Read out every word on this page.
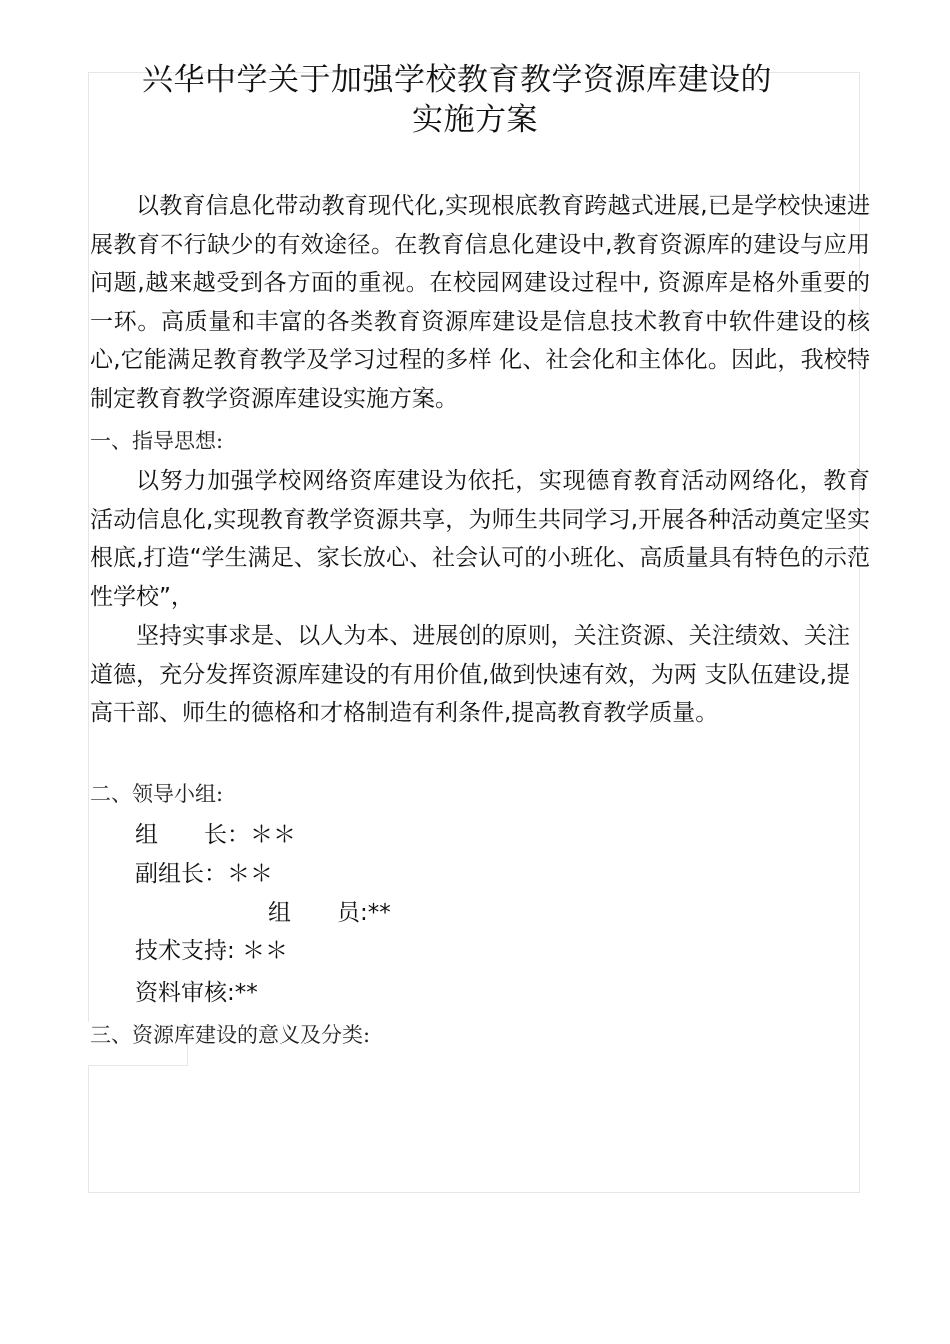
兴华中学关于加强学校教育教学资源库建设的
实施方案
以教育信息化带动教育现代化,实现根底教育跨越式进展,已是学校快速进展教育不行缺少的有效途径。在教育信息化建设中,教育资源库的建设与应用问题,越来越受到各方面的重视。在校园网建设过程中, 资源库是格外重要的一环。高质量和丰富的各类教育资源库建设是信息技术教育中软件建设的核心,它能满足教育教学及学习过程的多样 化、社会化和主体化。因此，我校特制定教育教学资源库建设实施方案。
一、指导思想:
以努力加强学校网络资库建设为依托，实现德育教育活动网络化，教育活动信息化,实现教育教学资源共享，为师生共同学习,开展各种活动奠定坚实根底,打造“学生满足、家长放心、社会认可的小班化、高质量具有特色的示范性学校”，
坚持实事求是、以人为本、进展创的原则，关注资源、关注绩效、关注道德，充分发挥资源库建设的有用价值,做到快速有效，为两 支队伍建设,提高干部、师生的德格和才格制造有利条件,提高教育教学质量。
二、领导小组:
组　　长：＊＊
副组长：＊＊
组　　员:**
技术支持: ＊＊
资料审核:**
三、资源库建设的意义及分类:
